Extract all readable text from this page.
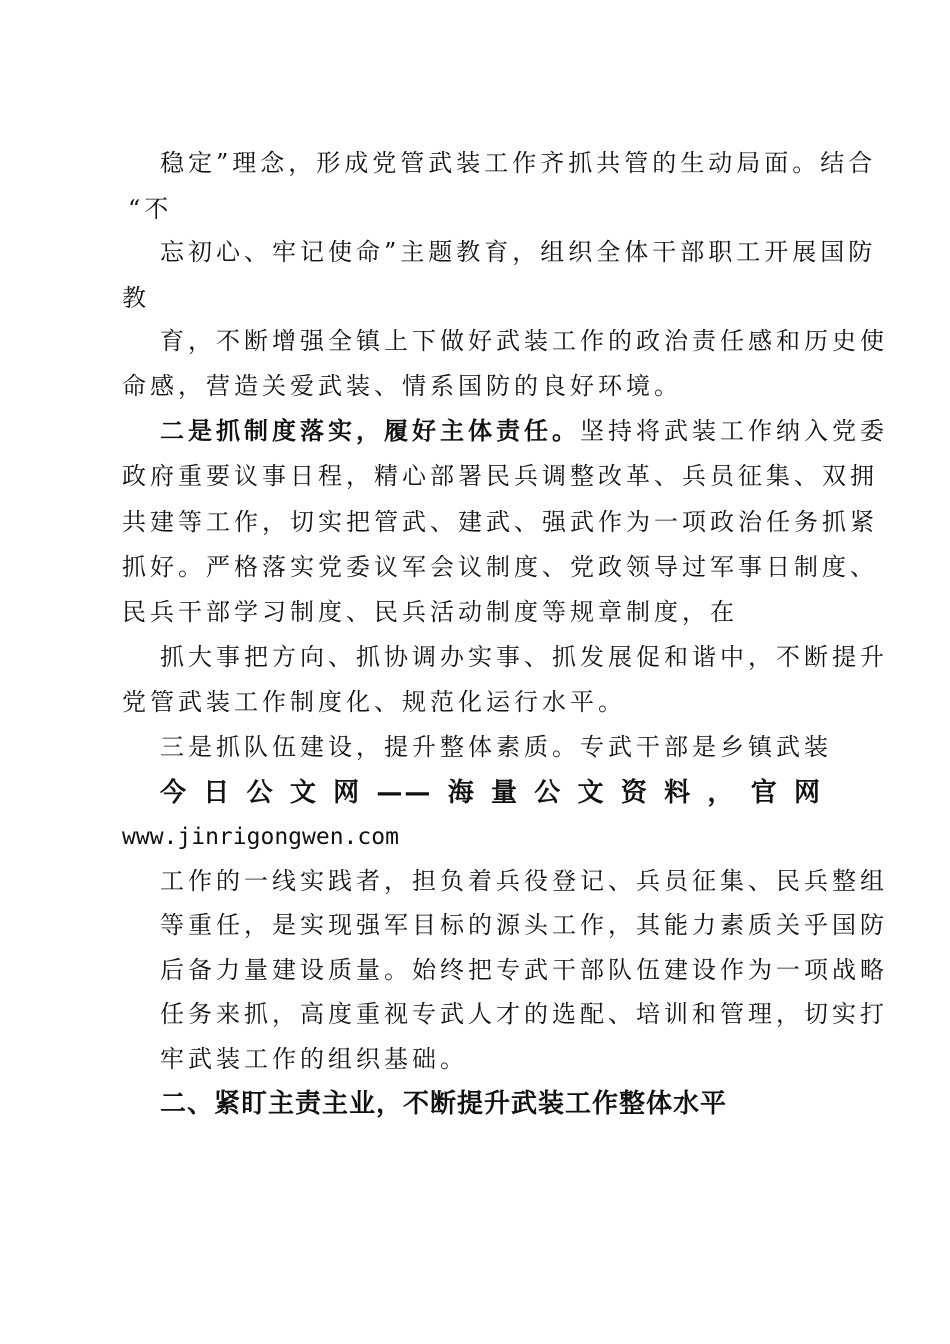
稳定”理念，形成党管武装工作齐抓共管的生动局面。结合

“不

忘初心、牢记使命”主题教育，组织全体干部职工开展国防

教

育，不断增强全镇上下做好武装工作的政治责任感和历史使

命感，营造关爱武装、情系国防的良好环境。

二是抓制度落实，履好主体责任。坚持将武装工作纳入党委

政府重要议事日程，精心部署民兵调整改革、兵员征集、双拥

共建等工作，切实把管武、建武、强武作为一项政治任务抓紧

抓好。严格落实党委议军会议制度、党政领导过军事日制度、

民兵干部学习制度、民兵活动制度等规章制度，在

抓大事把方向、抓协调办实事、抓发展促和谐中，不断提升

党管武装工作制度化、规范化运行水平。

三是抓队伍建设，提升整体素质。专武干部是乡镇武装

今日公文网——海量公文资料，官网

www.jinrigongwen.com

工作的一线实践者，担负着兵役登记、兵员征集、民兵整组

等重任，是实现强军目标的源头工作，其能力素质关乎国防

后备力量建设质量。始终把专武干部队伍建设作为一项战略

任务来抓，高度重视专武人才的选配、培训和管理，切实打

牢武装工作的组织基础。

二、紧盯主责主业，不断提升武装工作整体水平
